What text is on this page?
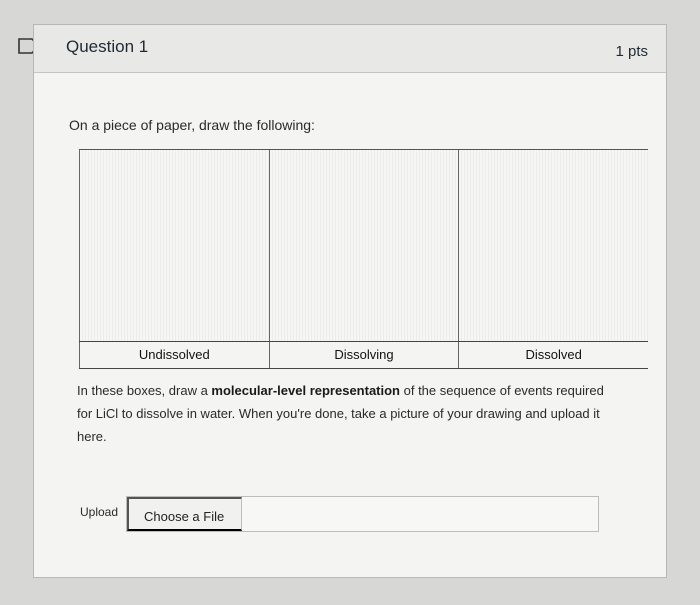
Question 1	1 pts
On a piece of paper, draw the following:
Undissolved	Dissolving	Dissolved
In these boxes, draw a molecular-level representation of the sequence of events required for LiCl to dissolve in water. When you're done, take a picture of your drawing and upload it here.
Upload	Choose a File
